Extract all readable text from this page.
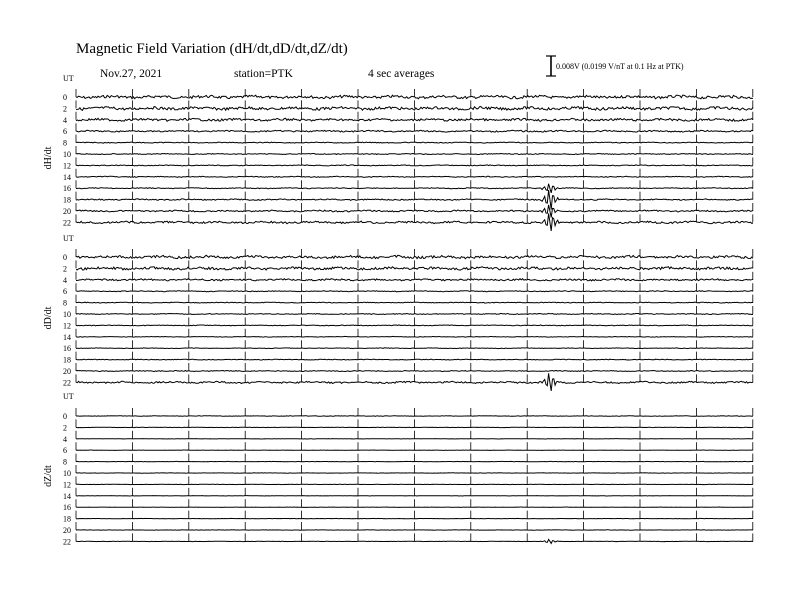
Magnetic Field Variation (dH/dt,dD/dt,dZ/dt)
Nov.27, 2021	station=PTK	4 sec averages
0.008V (0.0199 V/nT at 0.1 Hz at PTK)
UT
dH/dt
0
2
4
6
8
10
12
14
16
18
20
22
UT
dD/dt
0
2
4
6
8
10
12
14
16
18
20
22
UT
dZ/dt
0
2
4
6
8
10
12
14
16
18
20
22
